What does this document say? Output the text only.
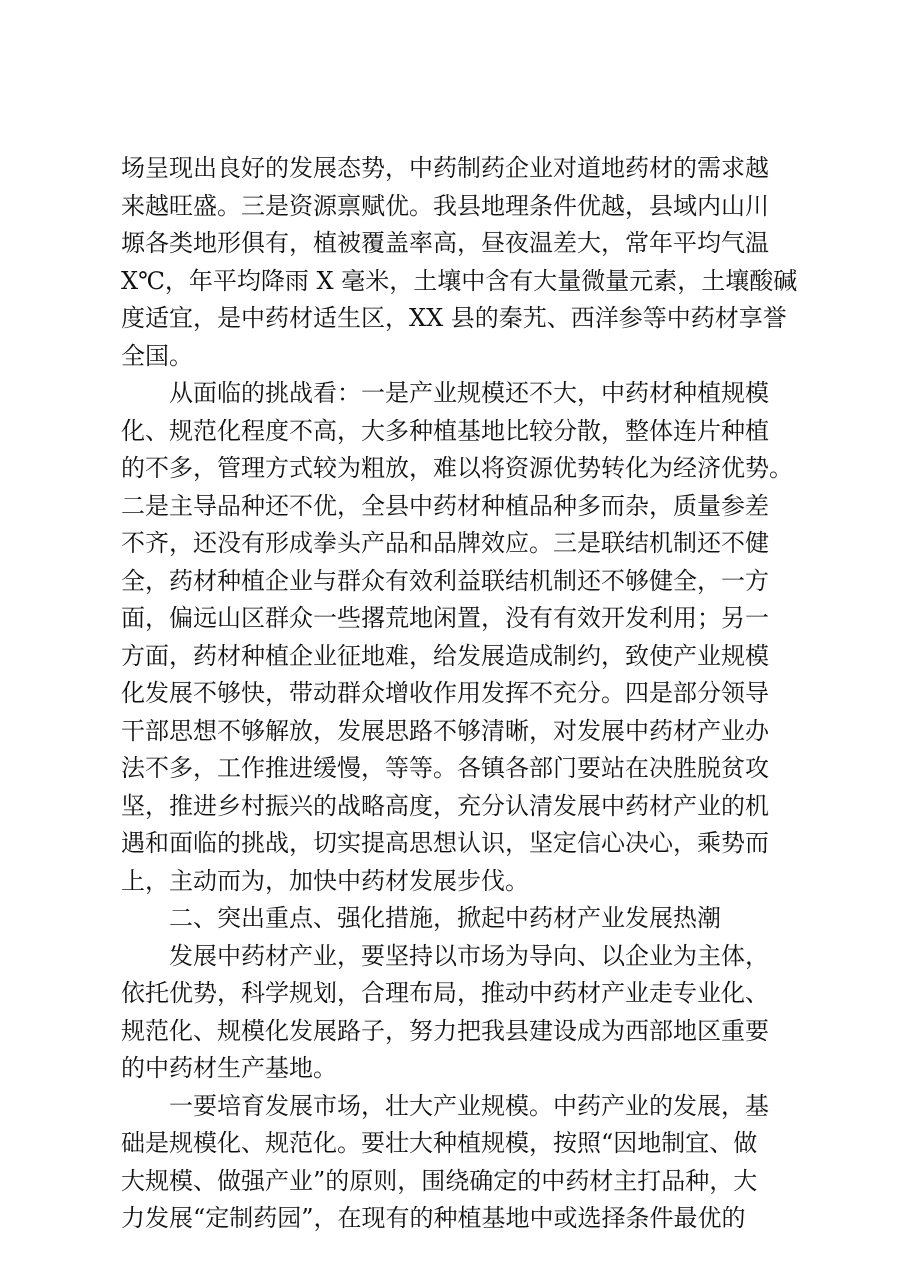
场呈现出良好的发展态势，中药制药企业对道地药材的需求越
来越旺盛。三是资源禀赋优。我县地理条件优越，县域内山川
塬各类地形俱有，植被覆盖率高，昼夜温差大，常年平均气温
X℃，年平均降雨 X 毫米，土壤中含有大量微量元素，土壤酸碱
度适宜，是中药材适生区，XX 县的秦艽、西洋参等中药材享誉
全国。
从面临的挑战看：一是产业规模还不大，中药材种植规模
化、规范化程度不高，大多种植基地比较分散，整体连片种植
的不多，管理方式较为粗放，难以将资源优势转化为经济优势。
二是主导品种还不优，全县中药材种植品种多而杂，质量参差
不齐，还没有形成拳头产品和品牌效应。三是联结机制还不健
全，药材种植企业与群众有效利益联结机制还不够健全，一方
面，偏远山区群众一些撂荒地闲置，没有有效开发利用；另一
方面，药材种植企业征地难，给发展造成制约，致使产业规模
化发展不够快，带动群众增收作用发挥不充分。四是部分领导
干部思想不够解放，发展思路不够清晰，对发展中药材产业办
法不多，工作推进缓慢，等等。各镇各部门要站在决胜脱贫攻
坚，推进乡村振兴的战略高度，充分认清发展中药材产业的机
遇和面临的挑战，切实提高思想认识，坚定信心决心，乘势而
上，主动而为，加快中药材发展步伐。
二、突出重点、强化措施，掀起中药材产业发展热潮
发展中药材产业，要坚持以市场为导向、以企业为主体，
依托优势，科学规划，合理布局，推动中药材产业走专业化、
规范化、规模化发展路子，努力把我县建设成为西部地区重要
的中药材生产基地。
一要培育发展市场，壮大产业规模。中药产业的发展，基
础是规模化、规范化。要壮大种植规模，按照“因地制宜、做
大规模、做强产业”的原则，围绕确定的中药材主打品种，大
力发展“定制药园”，在现有的种植基地中或选择条件最优的
